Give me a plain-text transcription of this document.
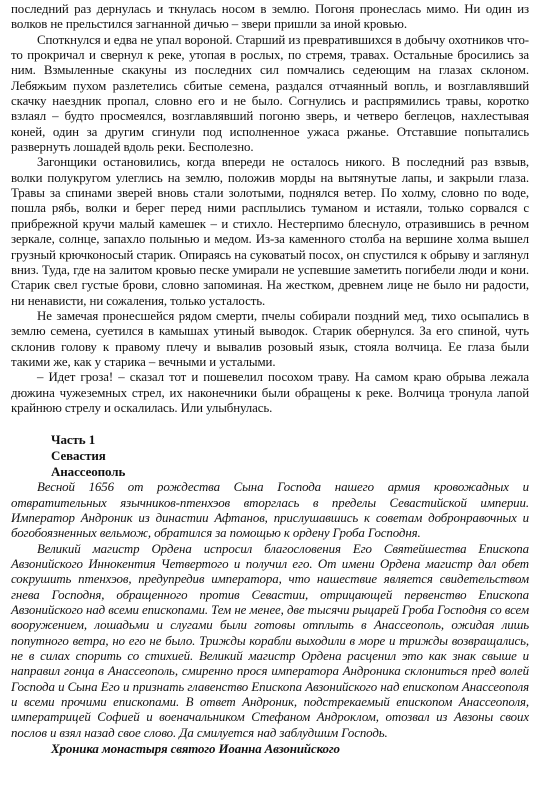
последний раз дернулась и ткнулась носом в землю. Погоня пронеслась мимо. Ни один из волков не прельстился загнанной дичью – звери пришли за иной кровью.

Споткнулся и едва не упал вороной. Старший из превратившихся в добычу охотников что-то прокричал и свернул к реке, утопая в рослых, по стремя, травах. Остальные бросились за ним. Взмыленные скакуны из последних сил помчались седеющим на глазах склоном. Лебяжьим пухом разлетелись сбитые семена, раздался отчаянный вопль, и возглавлявший скачку наездник пропал, словно его и не было. Согнулись и распрямились травы, коротко взлаял – будто просмеялся, возглавлявший погоню зверь, и четверо беглецов, нахлестывая коней, один за другим сгинули под исполненное ужаса ржанье. Отставшие попытались развернуть лошадей вдоль реки. Бесполезно.

Загонщики остановились, когда впереди не осталось никого. В последний раз взвыв, волки полукругом улеглись на землю, положив морды на вытянутые лапы, и закрыли глаза. Травы за спинами зверей вновь стали золотыми, поднялся ветер. По холму, словно по воде, пошла рябь, волки и берег перед ними расплылись туманом и истаяли, только сорвался с прибрежной кручи малый камешек – и стихло. Нестерпимо блеснуло, отразившись в речном зеркале, солнце, запахло полынью и медом. Из-за каменного столба на вершине холма вышел грузный крючконосый старик. Опираясь на суковатый посох, он спустился к обрыву и заглянул вниз. Туда, где на залитом кровью песке умирали не успевшие заметить погибели люди и кони. Старик свел густые брови, словно запоминая. На жестком, древнем лице не было ни радости, ни ненависти, ни сожаления, только усталость.

Не замечая пронесшейся рядом смерти, пчелы собирали поздний мед, тихо осыпались в землю семена, суетился в камышах утиный выводок. Старик обернулся. За его спиной, чуть склонив голову к правому плечу и вывалив розовый язык, стояла волчица. Ее глаза были такими же, как у старика – вечными и усталыми.

– Идет гроза! – сказал тот и пошевелил посохом траву. На самом краю обрыва лежала дюжина чужеземных стрел, их наконечники были обращены к реке. Волчица тронула лапой крайнюю стрелу и оскалилась. Или улыбнулась.

Часть 1
Севастия
Анассеополь

Весной 1656 от рождества Сына Господа нашего армия кровожадных и отвратительных язычников-птенхэов вторглась в пределы Севастийской империи. Император Андроник из династии Афтанов, прислушавшись к советам добронравочных и богобоязненных вельмож, обратился за помощью к ордену Гроба Господня.

Великий магистр Ордена испросил благословения Его Святейшества Епископа Авзонийского Иннокентия Четвертого и получил его. От имени Ордена магистр дал обет сокрушить птенхэов, предупредив императора, что нашествие является свидетельством гнева Господня, обращенного против Севастии, отрицающей первенство Епископа Авзонийского над всеми епископами. Тем не менее, две тысячи рыцарей Гроба Господня со всем вооружением, лошадьми и слугами были готовы отплыть в Анассеополь, ожидая лишь попутного ветра, но его не было. Трижды корабли выходили в море и трижды возвращались, не в силах спорить со стихией. Великий магистр Ордена расценил это как знак свыше и направил гонца в Анассеополь, смиренно прося императора Андроника склониться пред волей Господа и Сына Его и признать главенство Епископа Авзонийского над епископом Анассеополя и всеми прочими епископами. В ответ Андроник, подстрекаемый епископом Анассеополя, императрицей Софией и военачальником Стефаном Андроклом, отозвал из Авзоны своих послов и взял назад свое слово. Да смилуется над заблудшим Господь.

Хроника монастыря святого Иоанна Авзонийского
